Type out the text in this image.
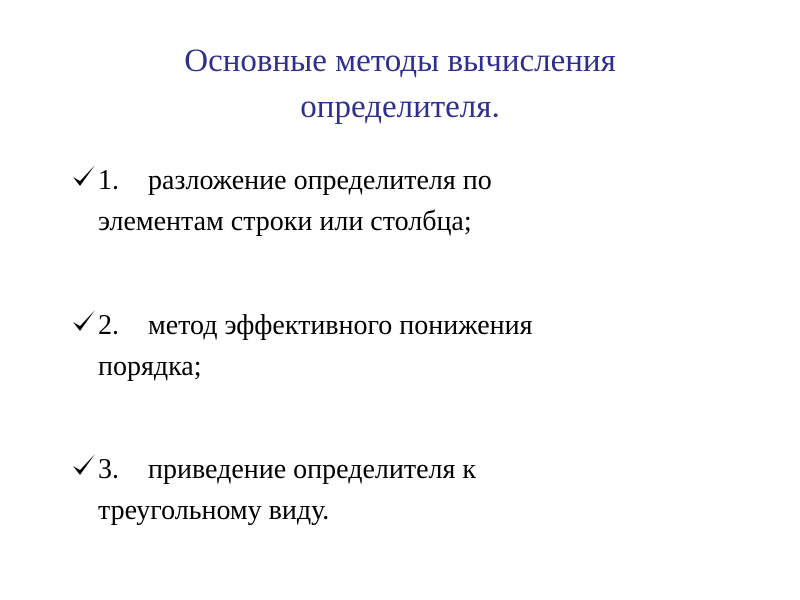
Основные методы вычисления
определителя.
1. разложение определителя по
элементам строки или столбца;
2. метод эффективного понижения
порядка;
3. приведение определителя к
треугольному виду.
